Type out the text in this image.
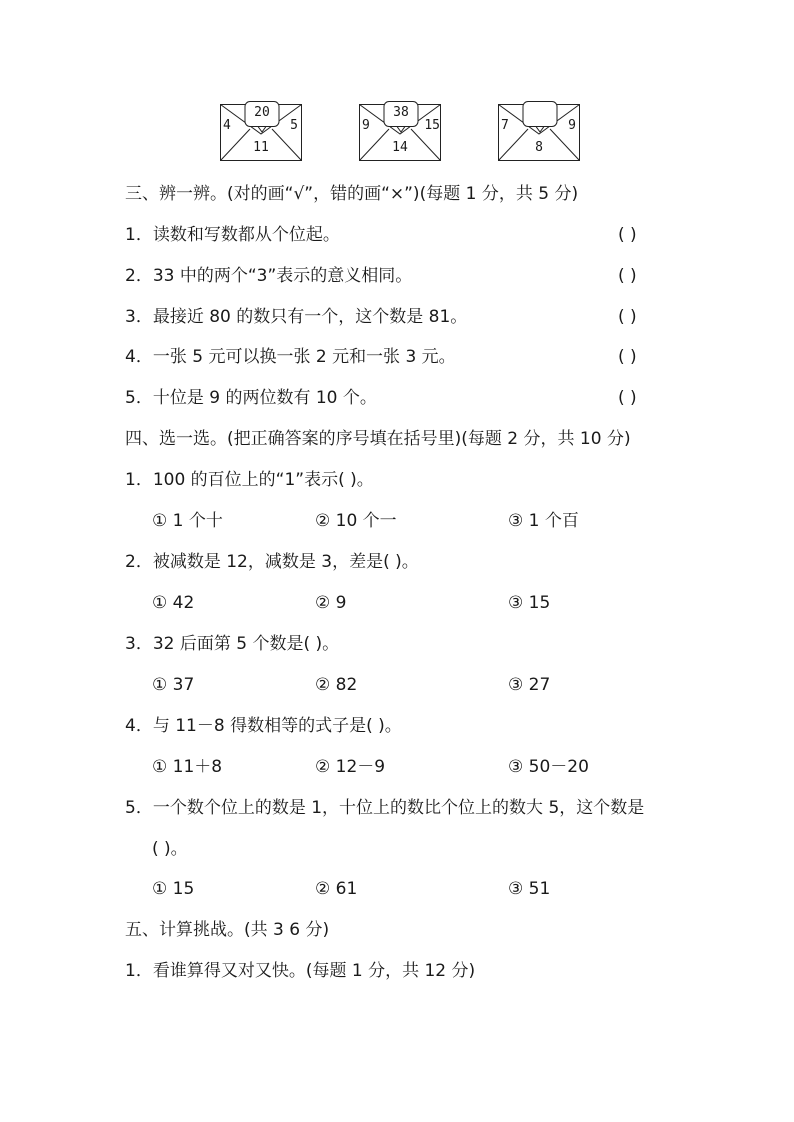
20
4	5
11
38
9	15
14
7	9
8
三、辨一辨。(对的画“√”，错的画“×”)(每题 1 分，共 5 分)
1．读数和写数都从个位起。	( )
2．33 中的两个“3”表示的意义相同。	( )
3．最接近 80 的数只有一个，这个数是 81。	( )
4．一张 5 元可以换一张 2 元和一张 3 元。	( )
5．十位是 9 的两位数有 10 个。	( )
四、选一选。(把正确答案的序号填在括号里)(每题 2 分，共 10 分)
1．100 的百位上的“1”表示( )。
① 1 个十	② 10 个一	③ 1 个百
2．被减数是 12，减数是 3，差是( )。
① 42	② 9	③ 15
3．32 后面第 5 个数是( )。
① 37	② 82	③ 27
4．与 11－8 得数相等的式子是( )。
① 11＋8	② 12－9	③ 50－20
5．一个数个位上的数是 1，十位上的数比个位上的数大 5，这个数是
( )。
① 15	② 61	③ 51
五、计算挑战。(共 3 6 分)
1．看谁算得又对又快。(每题 1 分，共 12 分)
